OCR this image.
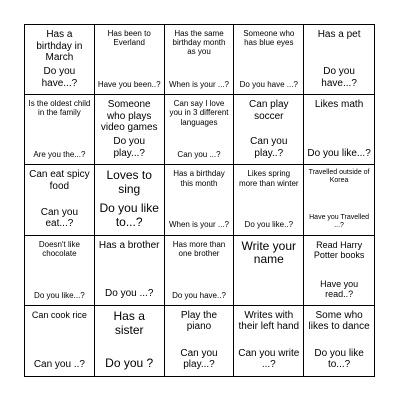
Has a birthday in March
Do you have...?
Has been to Everland
Have you been..?
Has the same birthday month as you
When is your ...?
Someone who has blue eyes
Do you have ...?
Has a pet
Do you have...?
Is the oldest child in the family
Are you the...?
Someone who plays video games
Do you play...?
Can say I love you in 3 different languages
Can you ...?
Can play soccer
Can you play..?
Likes math
Do you like...?
Can eat spicy food
Can you eat...?
Loves to sing
Do you like to...?
Has a birthday this month
When is your ...?
Likes spring more than winter
Do you like..?
Travelled outside of Korea
Have you Travelled ...?
Doesn't like chocolate
Do you like...?
Has a brother
Do you ...?
Has more than one brother
Do you have..?
Write your name
Read Harry Potter books
Have you read..?
Can cook rice
Can you ..?
Has a sister
Do you ?
Play the piano
Can you play...?
Writes with their left hand
Can you write ...?
Some who likes to dance
Do you like to...?
